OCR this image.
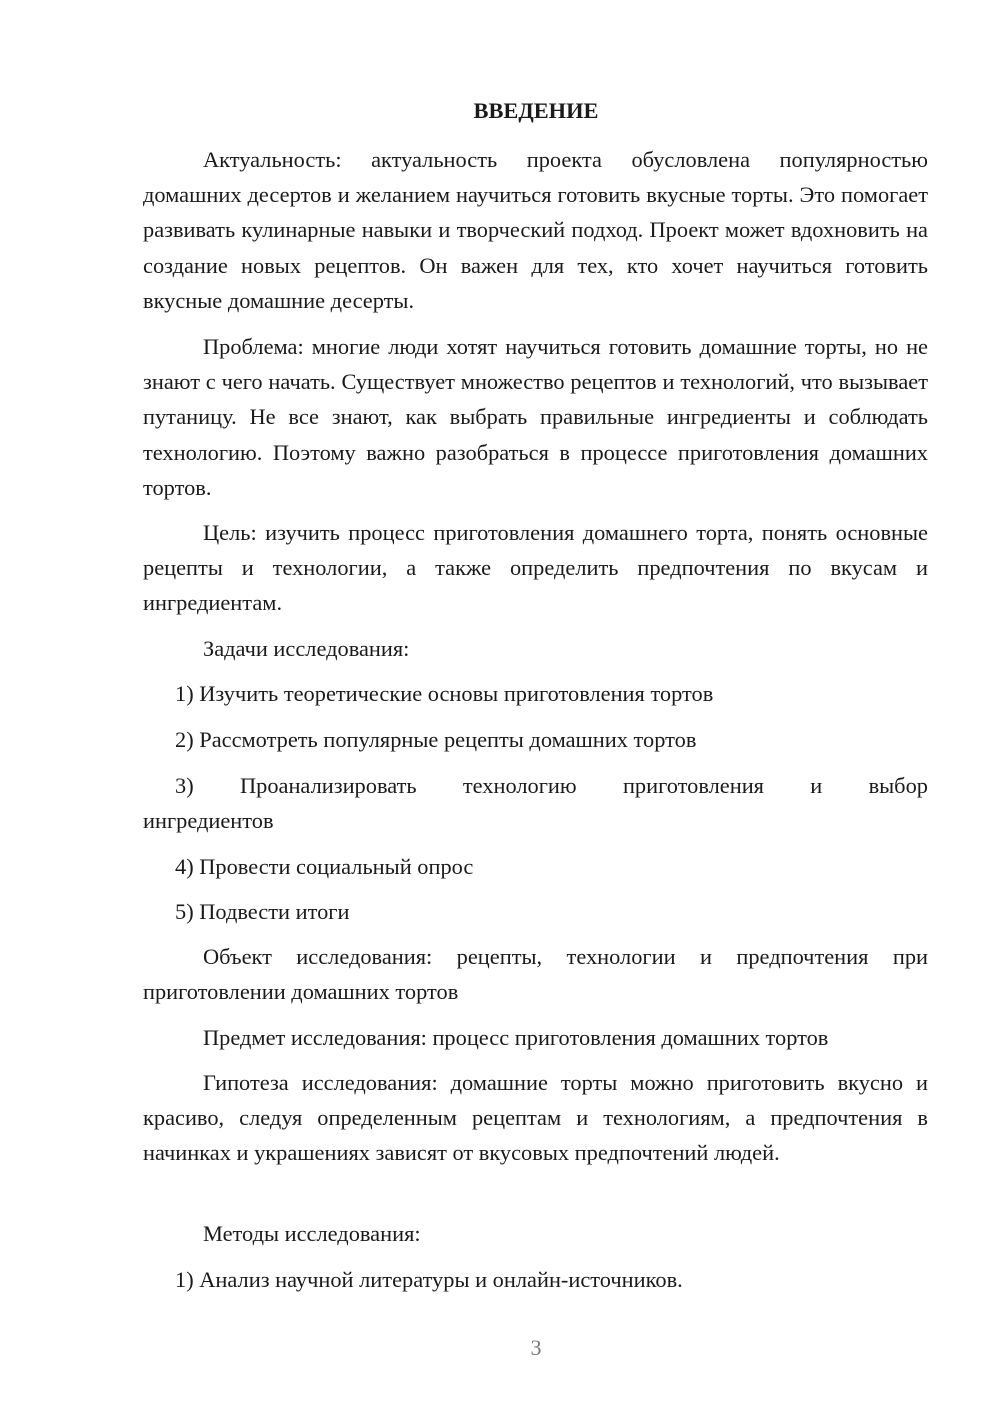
ВВЕДЕНИЕ

Актуальность: актуальность проекта обусловлена популярностью домашних десертов и желанием научиться готовить вкусные торты. Это помогает развивать кулинарные навыки и творческий подход. Проект может вдохновить на создание новых рецептов. Он важен для тех, кто хочет научиться готовить вкусные домашние десерты.

Проблема: многие люди хотят научиться готовить домашние торты, но не знают с чего начать. Существует множество рецептов и технологий, что вызывает путаницу. Не все знают, как выбрать правильные ингредиенты и соблюдать технологию. Поэтому важно разобраться в процессе приготовления домашних тортов.

Цель: изучить процесс приготовления домашнего торта, понять основные рецепты и технологии, а также определить предпочтения по вкусам и ингредиентам.

Задачи исследования:

1) Изучить теоретические основы приготовления тортов

2) Рассмотреть популярные рецепты домашних тортов

3) Проанализировать технологию приготовления и выбор
ингредиентов

4) Провести социальный опрос

5) Подвести итоги

Объект исследования: рецепты, технологии и предпочтения при приготовлении домашних тортов

Предмет исследования: процесс приготовления домашних тортов

Гипотеза исследования: домашние торты можно приготовить вкусно и красиво, следуя определенным рецептам и технологиям, а предпочтения в начинках и украшениях зависят от вкусовых предпочтений людей.

Методы исследования:

1) Анализ научной литературы и онлайн-источников.

3
